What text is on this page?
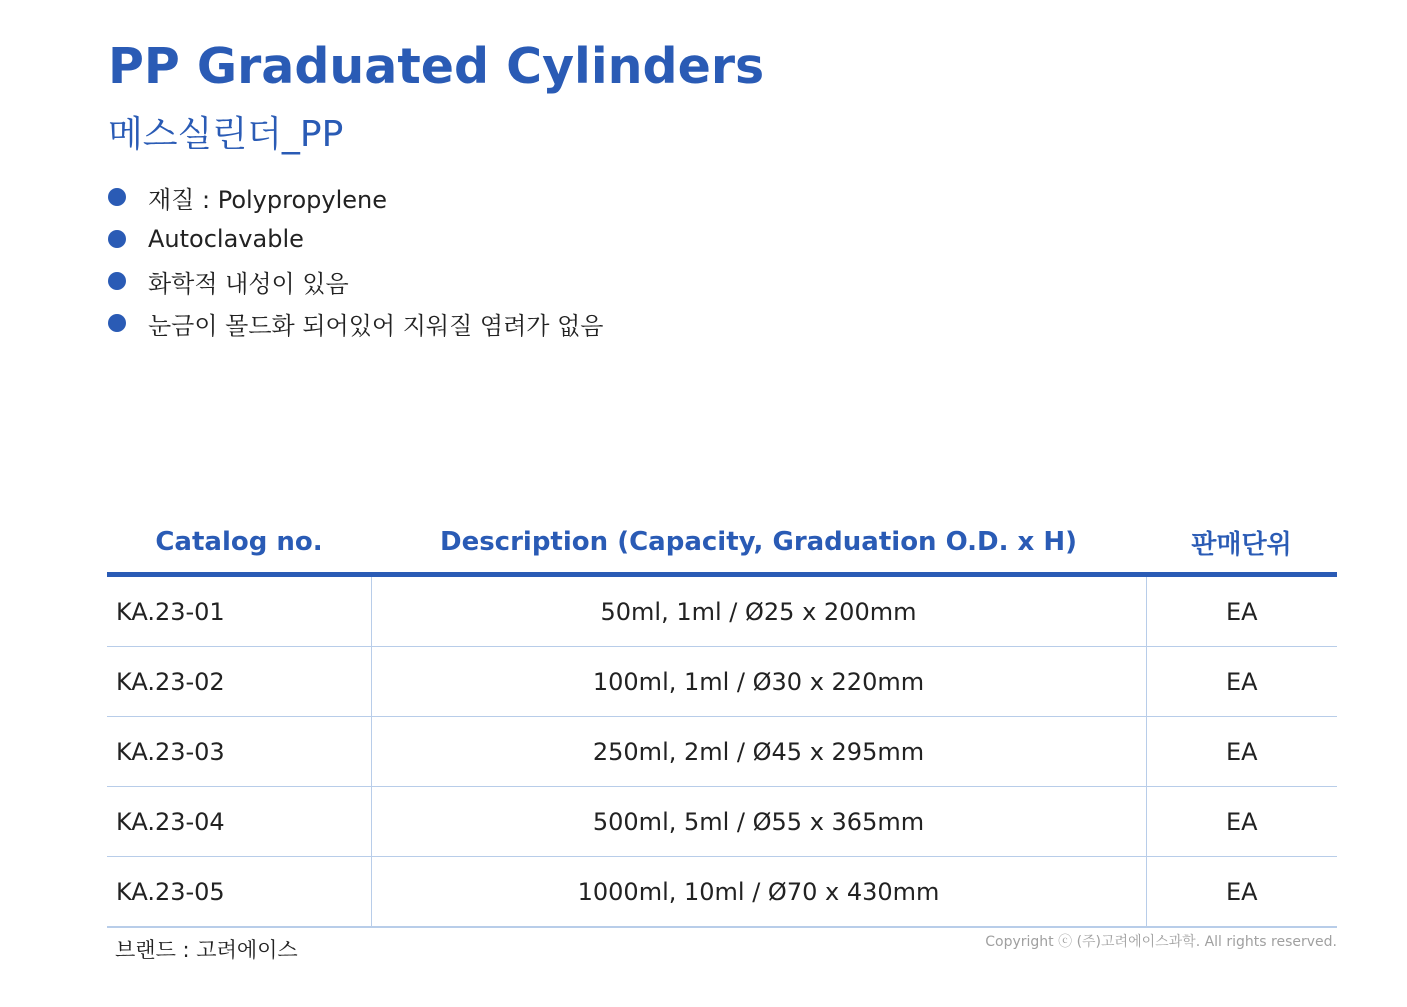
PP Graduated Cylinders
메스실린더_PP
재질 : Polypropylene
Autoclavable
화학적 내성이 있음
눈금이 몰드화 되어있어 지워질 염려가 없음
Catalog no.	Description (Capacity, Graduation O.D. x H)	판매단위
KA.23-01	50ml, 1ml / Ø25 x 200mm	EA
KA.23-02	100ml, 1ml / Ø30 x 220mm	EA
KA.23-03	250ml, 2ml / Ø45 x 295mm	EA
KA.23-04	500ml, 5ml / Ø55 x 365mm	EA
KA.23-05	1000ml, 10ml / Ø70 x 430mm	EA
브랜드 : 고려에이스	Copyright ⓒ (주)고려에이스과학. All rights reserved.
